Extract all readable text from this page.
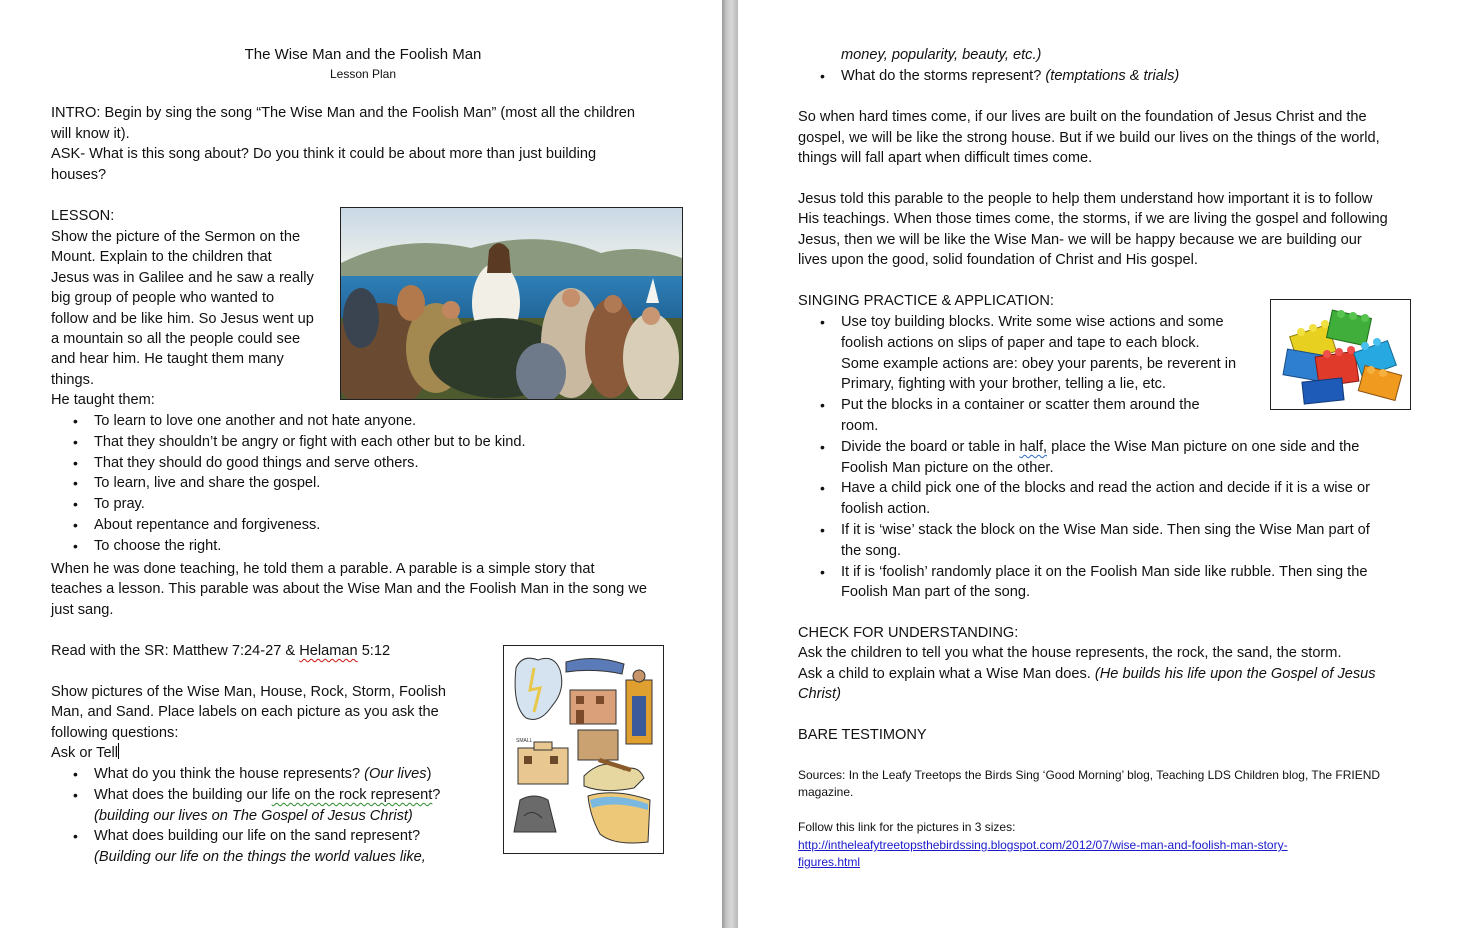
The Wise Man and the Foolish Man
Lesson Plan
INTRO: Begin by sing the song “The Wise Man and the Foolish Man” (most all the children
will know it).
ASK- What is this song about? Do you think it could be about more than just building
houses?
LESSON:
Show the picture of the Sermon on the
Mount. Explain to the children that
Jesus was in Galilee and he saw a really
big group of people who wanted to
follow and be like him. So Jesus went up
a mountain so all the people could see
and hear him. He taught them many
things.
He taught them:
• To learn to love one another and not hate anyone.
• That they shouldn’t be angry or fight with each other but to be kind.
• That they should do good things and serve others.
• To learn, live and share the gospel.
• To pray.
• About repentance and forgiveness.
• To choose the right.
When he was done teaching, he told them a parable. A parable is a simple story that
teaches a lesson. This parable was about the Wise Man and the Foolish Man in the song we
just sang.
Read with the SR: Matthew 7:24-27 & Helaman 5:12
Show pictures of the Wise Man, House, Rock, Storm, Foolish
Man, and Sand. Place labels on each picture as you ask the
following questions:
Ask or Tell
SMALL
• What do you think the house represents? (Our lives)
• What does the building our life on the rock represent?
(building our lives on The Gospel of Jesus Christ)
• What does building our life on the sand represent?
(Building our life on the things the world values like,
money, popularity, beauty, etc.)
• What do the storms represent? (temptations & trials)
So when hard times come, if our lives are built on the foundation of Jesus Christ and the
gospel, we will be like the strong house. But if we build our lives on the things of the world,
things will fall apart when difficult times come.
Jesus told this parable to the people to help them understand how important it is to follow
His teachings. When those times come, the storms, if we are living the gospel and following
Jesus, then we will be like the Wise Man- we will be happy because we are building our
lives upon the good, solid foundation of Christ and His gospel.
SINGING PRACTICE & APPLICATION:
• Use toy building blocks. Write some wise actions and some
foolish actions on slips of paper and tape to each block.
Some example actions are: obey your parents, be reverent in
Primary, fighting with your brother, telling a lie, etc.
• Put the blocks in a container or scatter them around the
room.
• Divide the board or table in half, place the Wise Man picture on one side and the
Foolish Man picture on the other.
• Have a child pick one of the blocks and read the action and decide if it is a wise or
foolish action.
• If it is ‘wise’ stack the block on the Wise Man side. Then sing the Wise Man part of
the song.
• It if is ‘foolish’ randomly place it on the Foolish Man side like rubble. Then sing the
Foolish Man part of the song.
CHECK FOR UNDERSTANDING:
Ask the children to tell you what the house represents, the rock, the sand, the storm.
Ask a child to explain what a Wise Man does. (He builds his life upon the Gospel of Jesus
Christ)
BARE TESTIMONY
Sources: In the Leafy Treetops the Birds Sing ‘Good Morning’ blog, Teaching LDS Children blog, The FRIEND
magazine.
Follow this link for the pictures in 3 sizes:
http://intheleafytreetopsthebirdssing.blogspot.com/2012/07/wise-man-and-foolish-man-story-
figures.html
